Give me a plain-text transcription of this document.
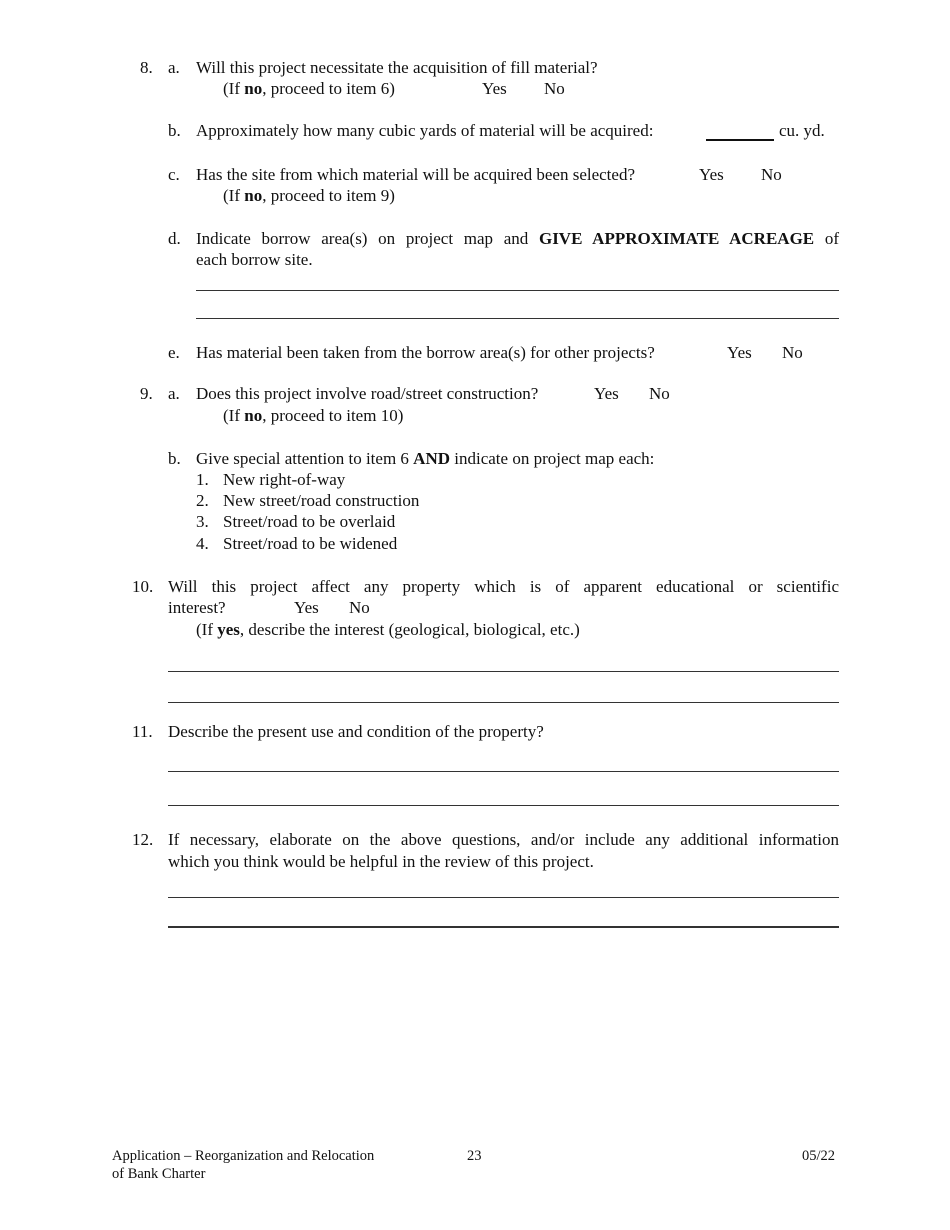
8. a. Will this project necessitate the acquisition of fill material?
(If no, proceed to item 6)	Yes No
b. Approximately how many cubic yards of material will be acquired:	cu. yd.
c. Has the site from which material will be acquired been selected?	Yes No
(If no, proceed to item 9)
d. Indicate borrow area(s) on project map and GIVE APPROXIMATE ACREAGE of
each borrow site.
e. Has material been taken from the borrow area(s) for other projects?	Yes No
9. a. Does this project involve road/street construction?	Yes No
(If no, proceed to item 10)
b. Give special attention to item 6 AND indicate on project map each:
1. New right-of-way
2. New street/road construction
3. Street/road to be overlaid
4. Street/road to be widened
10. Will this project affect any property which is of apparent educational or scientific
interest?	Yes No
(If yes, describe the interest (geological, biological, etc.)
11. Describe the present use and condition of the property?
12. If necessary, elaborate on the above questions, and/or include any additional information
which you think would be helpful in the review of this project.
Application – Reorganization and Relocation
of Bank Charter
23	05/22
